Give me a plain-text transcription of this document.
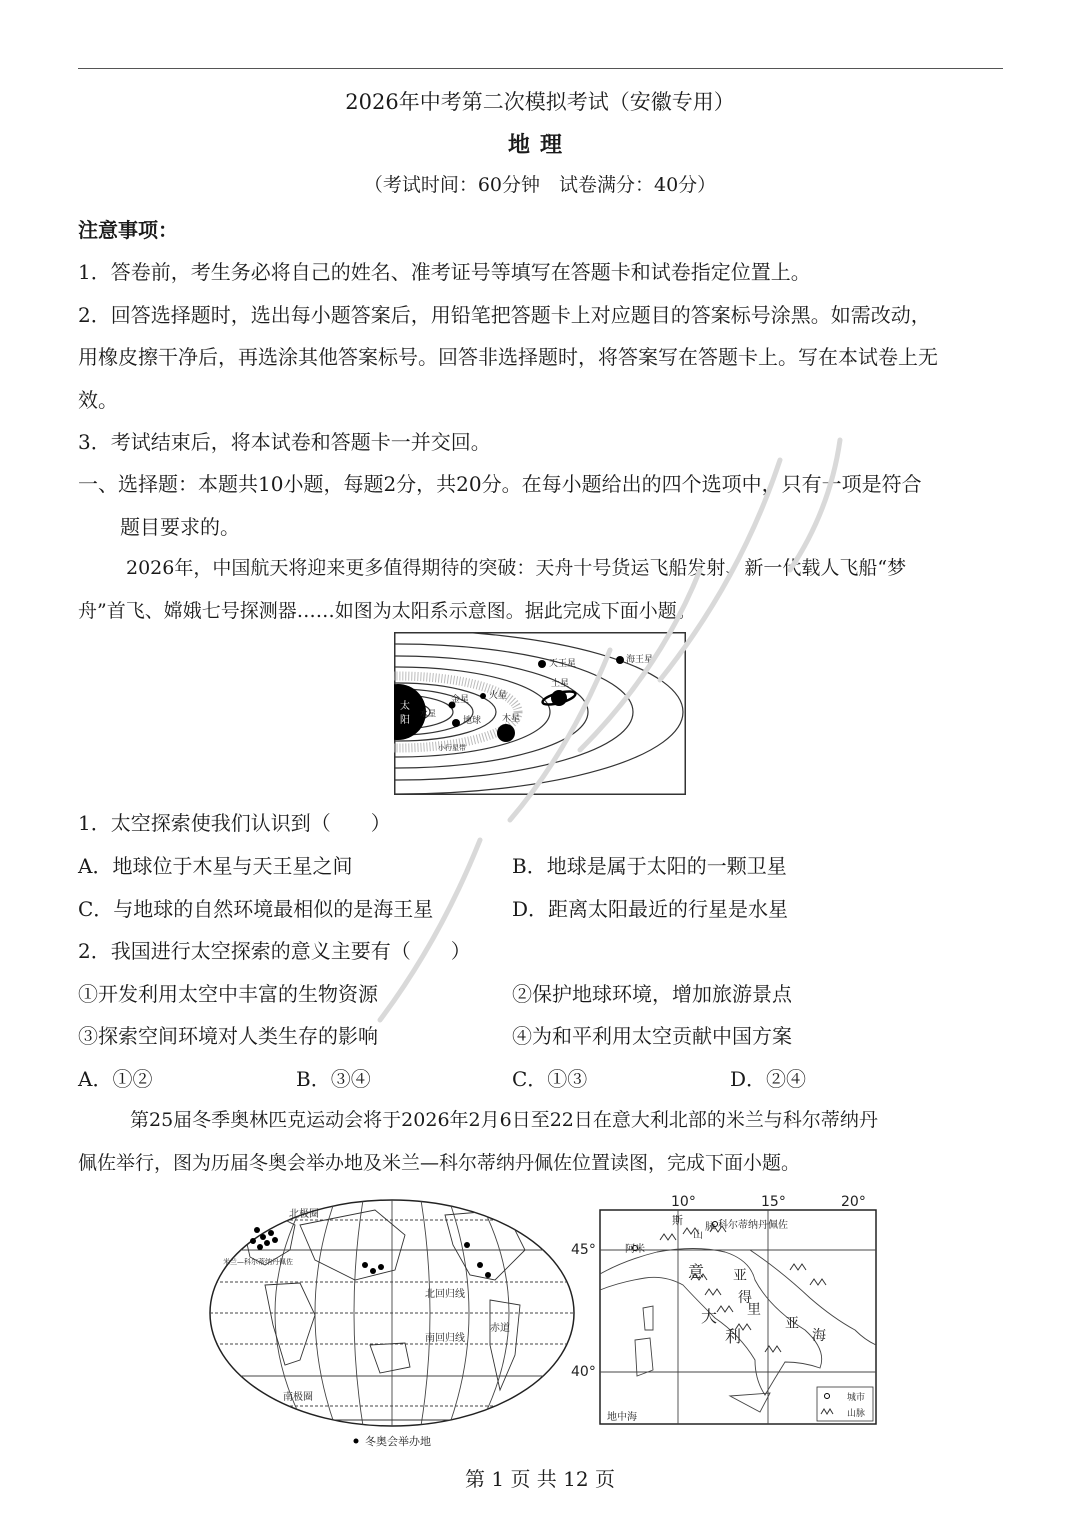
2026年中考第二次模拟考试（安徽专用）
地理
（考试时间：60分钟　试卷满分：40分）
注意事项：
1．答卷前，考生务必将自己的姓名、准考证号等填写在答题卡和试卷指定位置上。
2．回答选择题时，选出每小题答案后，用铅笔把答题卡上对应题目的答案标号涂黑。如需改动，
用橡皮擦干净后，再选涂其他答案标号。回答非选择题时，将答案写在答题卡上。写在本试卷上无
效。
3．考试结束后，将本试卷和答题卡一并交回。
一、选择题：本题共10小题，每题2分，共20分。在每小题给出的四个选项中，只有一项是符合
题目要求的。
2026年，中国航天将迎来更多值得期待的突破：天舟十号货运飞船发射、新一代载人飞船“梦
舟”首飞、嫦娥七号探测器……如图为太阳系示意图。据此完成下面小题。
太
阳
水星
金星
地球
火星
木星
小行星带
土星
天王星	海王星
1．太空探索使我们认识到（　　）
A．地球位于木星与天王星之间	B．地球是属于太阳的一颗卫星
C．与地球的自然环境最相似的是海王星	D．距离太阳最近的行星是水星
2．我国进行太空探索的意义主要有（　　）
①开发利用太空中丰富的生物资源	②保护地球环境，增加旅游景点
③探索空间环境对人类生存的影响	④为和平利用太空贡献中国方案
A．①②	B．③④	C．①③	D．②④
第25届冬季奥林匹克运动会将于2026年2月6日至22日在意大利北部的米兰与科尔蒂纳丹
佩佐举行，图为历届冬奥会举办地及米兰—科尔蒂纳丹佩佐位置读图，完成下面小题。
北极圈
米兰—科尔蒂纳丹佩佐
北回归线
赤道
南回归线
南极圈
冬奥会举办地
10°	15°	20°
45°
40°
斯
山
脉 科尔蒂纳丹佩佐
阿米
意
大
利
亚
得
里
亚
海
地中海
城市
山脉
第 1 页 共 12 页
